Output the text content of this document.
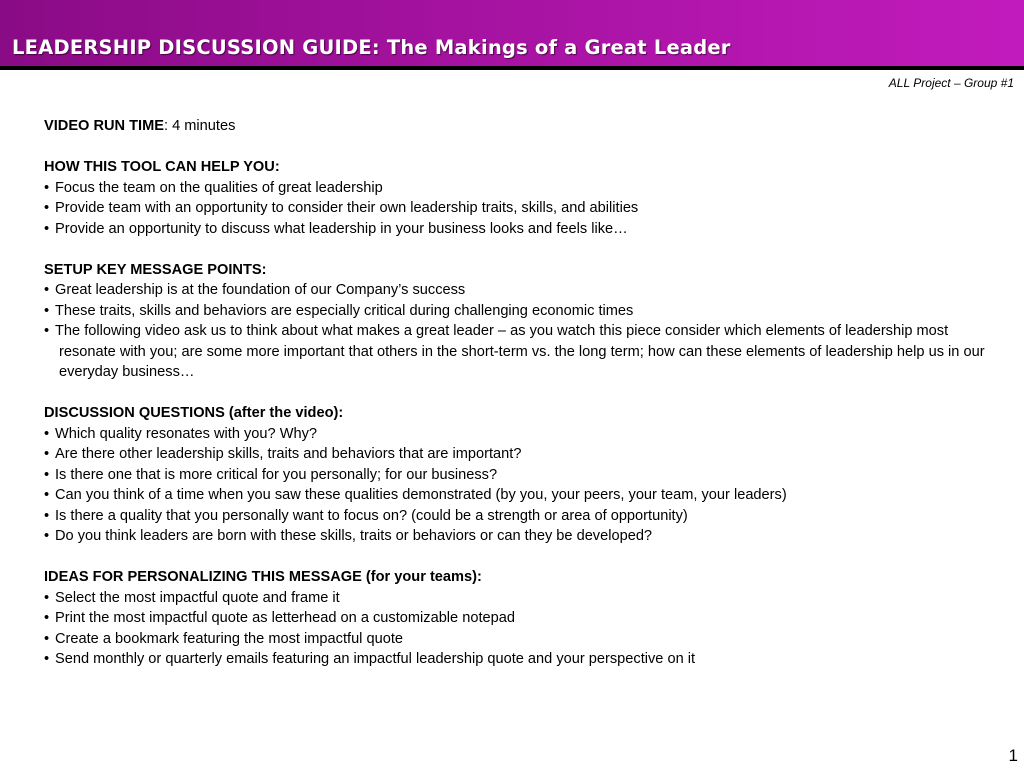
LEADERSHIP DISCUSSION GUIDE: The Makings of a Great Leader
ALL Project – Group #1

VIDEO RUN TIME: 4 minutes

HOW THIS TOOL CAN HELP YOU:

• Focus the team on the qualities of great leadership

• Provide team with an opportunity to consider their own leadership traits, skills, and abilities

• Provide an opportunity to discuss what leadership in your business looks and feels like…

SETUP KEY MESSAGE POINTS:

• Great leadership is at the foundation of our Company’s success

• These traits, skills and behaviors are especially critical during challenging economic times

• The following video ask us to think about what makes a great leader – as you watch this piece consider which elements of leadership most resonate with you; are some more important that others in the short-term vs. the long term; how can these elements of leadership help us in our everyday business…

DISCUSSION QUESTIONS (after the video):

• Which quality resonates with you? Why?

• Are there other leadership skills, traits and behaviors that are important?

• Is there one that is more critical for you personally; for our business?

• Can you think of a time when you saw these qualities demonstrated (by you, your peers, your team, your leaders)

• Is there a quality that you personally want to focus on? (could be a strength or area of opportunity)

• Do you think leaders are born with these skills, traits or behaviors or can they be developed?

IDEAS FOR PERSONALIZING THIS MESSAGE (for your teams):

• Select the most impactful quote and frame it

• Print the most impactful quote as letterhead on a customizable notepad

• Create a bookmark featuring the most impactful quote

• Send monthly or quarterly emails featuring an impactful leadership quote and your perspective on it

1
